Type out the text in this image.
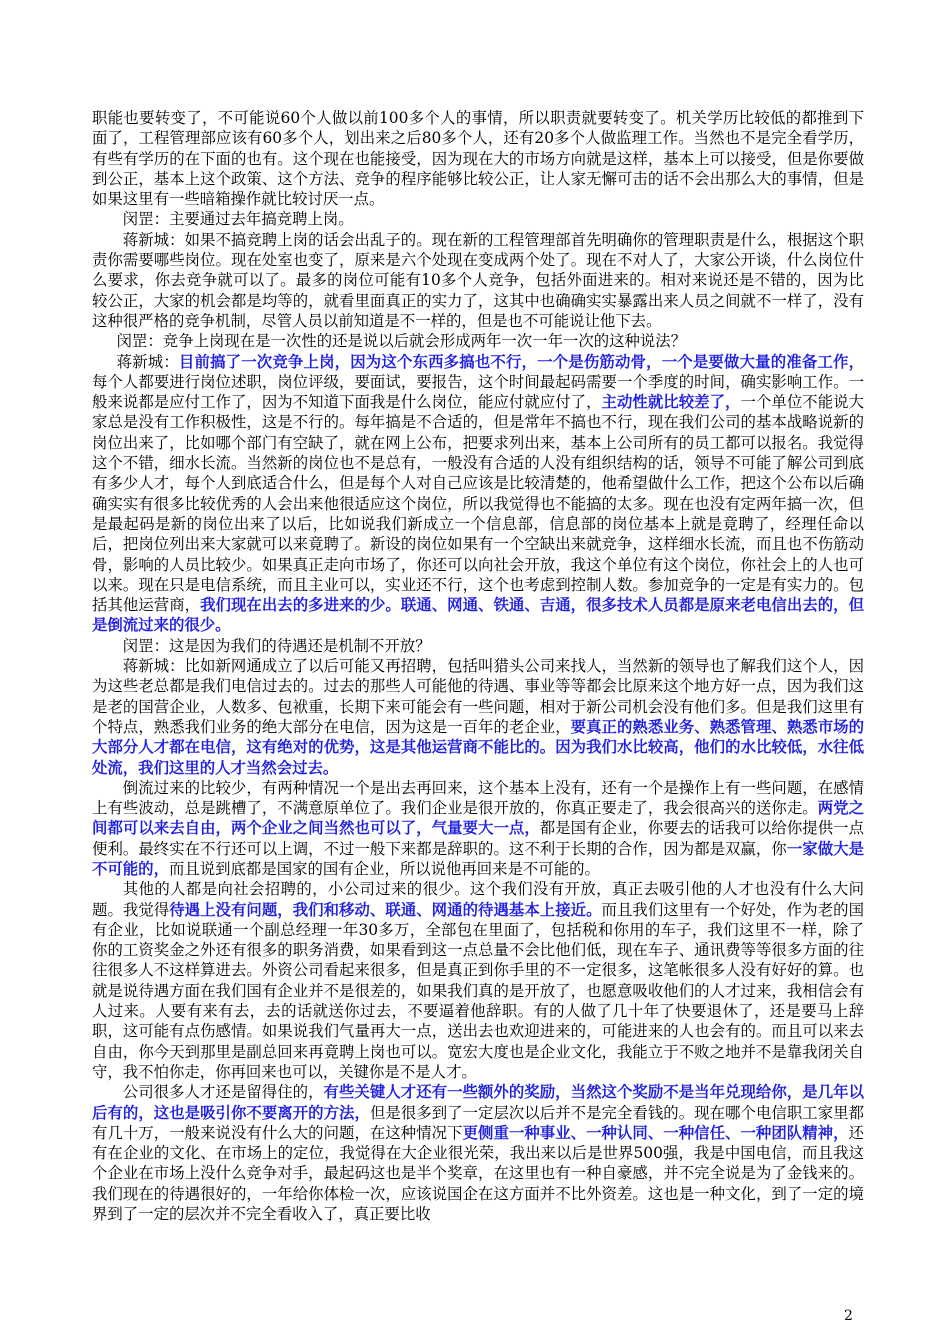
职能也要转变了，不可能说60个人做以前100多个人的事情，所以职责就要转变了。机关学历比较低的都推到下面了，工程管理部应该有60多个人，划出来之后80多个人，还有20多个人做监理工作。当然也不是完全看学历，有些有学历的在下面的也有。这个现在也能接受，因为现在大的市场方向就是这样，基本上可以接受，但是你要做到公正，基本上这个政策、这个方法、竞争的程序能够比较公正，让人家无懈可击的话不会出那么大的事情，但是如果这里有一些暗箱操作就比较讨厌一点。

闵罡：主要通过去年搞竞聘上岗。

蒋新城：如果不搞竞聘上岗的话会出乱子的。现在新的工程管理部首先明确你的管理职责是什么，根据这个职责你需要哪些岗位。现在处室也变了，原来是六个处现在变成两个处了。现在不对人了，大家公开谈，什么岗位什么要求，你去竞争就可以了。最多的岗位可能有10多个人竞争，包括外面进来的。相对来说还是不错的，因为比较公正，大家的机会都是均等的，就看里面真正的实力了，这其中也确确实实暴露出来人员之间就不一样了，没有这种很严格的竞争机制，尽管人员以前知道是不一样的，但是也不可能说让他下去。

闵罡：竞争上岗现在是一次性的还是说以后就会形成两年一次一年一次的这种说法？

蒋新城：目前搞了一次竞争上岗，因为这个东西多搞也不行，一个是伤筋动骨，一个是要做大量的准备工作，每个人都要进行岗位述职，岗位评级，要面试，要报告，这个时间最起码需要一个季度的时间，确实影响工作。一般来说都是应付工作了，因为不知道下面我是什么岗位，能应付就应付了，主动性就比较差了，一个单位不能说大家总是没有工作积极性，这是不行的。每年搞是不合适的，但是常年不搞也不行，现在我们公司的基本战略说新的岗位出来了，比如哪个部门有空缺了，就在网上公布，把要求列出来，基本上公司所有的员工都可以报名。我觉得这个不错，细水长流。当然新的岗位也不是总有，一般没有合适的人没有组织结构的话，领导不可能了解公司到底有多少人才，每个人到底适合什么，但是每个人对自己应该是比较清楚的，他希望做什么工作，把这个公布以后确确实实有很多比较优秀的人会出来他很适应这个岗位，所以我觉得也不能搞的太多。现在也没有定两年搞一次，但是最起码是新的岗位出来了以后，比如说我们新成立一个信息部，信息部的岗位基本上就是竟聘了，经理任命以后，把岗位列出来大家就可以来竟聘了。新设的岗位如果有一个空缺出来就竞争，这样细水长流，而且也不伤筋动骨，影响的人员比较少。如果真正走向市场了，你还可以向社会开放，我这个单位有这个岗位，你社会上的人也可以来。现在只是电信系统，而且主业可以，实业还不行，这个也考虑到控制人数。参加竞争的一定是有实力的。包括其他运营商，我们现在出去的多进来的少。联通、网通、铁通、吉通，很多技术人员都是原来老电信出去的，但是倒流过来的很少。

闵罡：这是因为我们的待遇还是机制不开放？

蒋新城：比如新网通成立了以后可能又再招聘，包括叫猎头公司来找人，当然新的领导也了解我们这个人，因为这些老总都是我们电信过去的。过去的那些人可能他的待遇、事业等等都会比原来这个地方好一点，因为我们这是老的国营企业，人数多、包袱重，长期下来可能会有一些问题，相对于新公司机会没有他们多。但是我们这里有个特点，熟悉我们业务的绝大部分在电信，因为这是一百年的老企业，要真正的熟悉业务、熟悉管理、熟悉市场的大部分人才都在电信，这有绝对的优势，这是其他运营商不能比的。因为我们水比较高，他们的水比较低，水往低处流，我们这里的人才当然会过去。

倒流过来的比较少，有两种情况一个是出去再回来，这个基本上没有，还有一个是操作上有一些问题，在感情上有些波动，总是跳槽了，不满意原单位了。我们企业是很开放的，你真正要走了，我会很高兴的送你走。两党之间都可以来去自由，两个企业之间当然也可以了，气量要大一点，都是国有企业，你要去的话我可以给你提供一点便利。最终实在不行还可以上调，不过一般下来都是辞职的。这不利于长期的合作，因为都是双赢，你一家做大是不可能的，而且说到底都是国家的国有企业，所以说他再回来是不可能的。

其他的人都是向社会招聘的，小公司过来的很少。这个我们没有开放，真正去吸引他的人才也没有什么大问题。我觉得待遇上没有问题，我们和移动、联通、网通的待遇基本上接近。而且我们这里有一个好处，作为老的国有企业，比如说联通一个副总经理一年30多万，全部包在里面了，包括税和你用的车子，我们这里不一样，除了你的工资奖金之外还有很多的职务消费，如果看到这一点总量不会比他们低，现在车子、通讯费等等很多方面的往往很多人不这样算进去。外资公司看起来很多，但是真正到你手里的不一定很多，这笔帐很多人没有好好的算。也就是说待遇方面在我们国有企业并不是很差的，如果我们真的是开放了，也愿意吸收他们的人才过来，我相信会有人过来。人要有来有去，去的话就送你过去，不要逼着他辞职。有的人做了几十年了快要退休了，还是要马上辞职，这可能有点伤感情。如果说我们气量再大一点，送出去也欢迎进来的，可能进来的人也会有的。而且可以来去自由，你今天到那里是副总回来再竟聘上岗也可以。宽宏大度也是企业文化，我能立于不败之地并不是靠我闭关自守，我不怕你走，你再回来也可以，关键你是不是人才。

公司很多人才还是留得住的，有些关键人才还有一些额外的奖励，当然这个奖励不是当年兑现给你，是几年以后有的，这也是吸引你不要离开的方法，但是很多到了一定层次以后并不是完全看钱的。现在哪个电信职工家里都有几十万，一般来说没有什么大的问题，在这种情况下更侧重一种事业、一种认同、一种信任、一种团队精神，还有在企业的文化、在市场上的定位，我觉得在大企业很光荣，我出来以后是世界500强，我是中国电信，而且我这个企业在市场上没什么竞争对手，最起码这也是半个奖章，在这里也有一种自豪感，并不完全说是为了金钱来的。我们现在的待遇很好的，一年给你体检一次，应该说国企在这方面并不比外资差。这也是一种文化，到了一定的境界到了一定的层次并不完全看收入了，真正要比收

2
